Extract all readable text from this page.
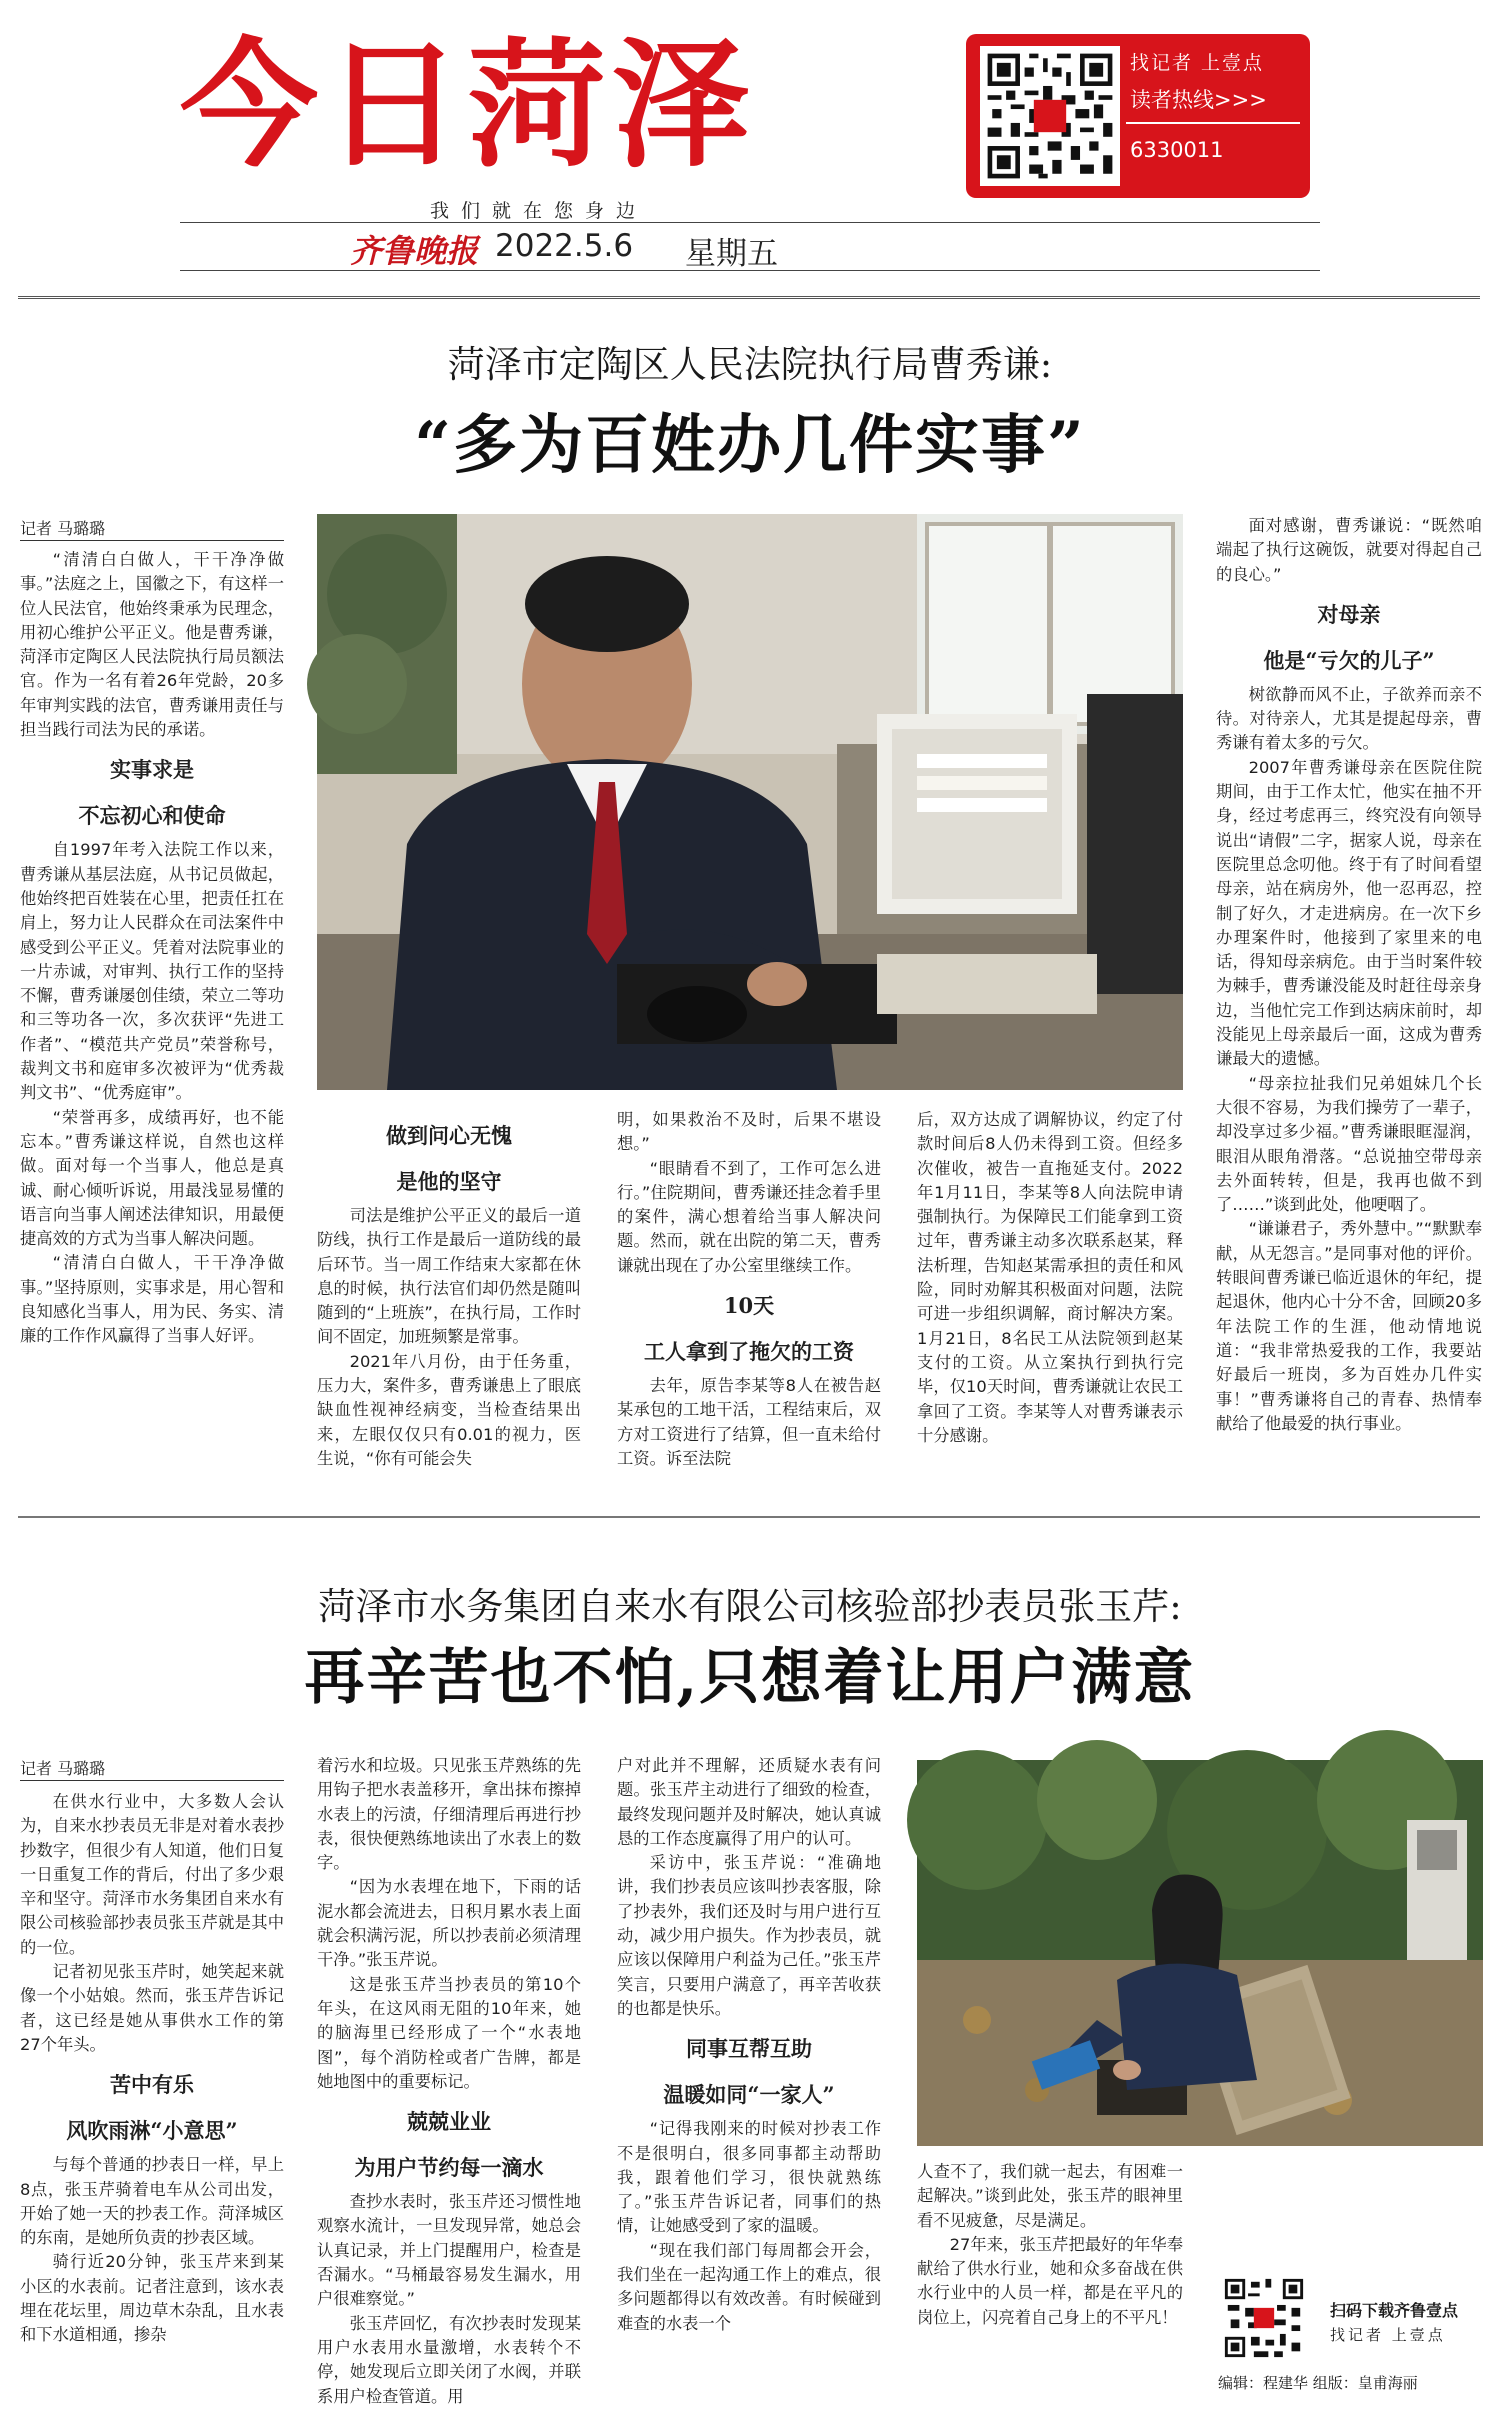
今日菏泽	找记者 上壹点
读者热线>>>
6330011
我们就在您身边
齐鲁晚报 2022.5.6 星期五
菏泽市定陶区人民法院执行局曹秀谦:
“多为百姓办几件实事”
记者 马璐璐

“清清白白做人，干干净净做事。”法庭之上，国徽之下，有这样一位人民法官，他始终秉承为民理念，用初心维护公平正义。他是曹秀谦，菏泽市定陶区人民法院执行局员额法官。作为一名有着26年党龄，20多年审判实践的法官，曹秀谦用责任与担当践行司法为民的承诺。

实事求是
不忘初心和使命

自1997年考入法院工作以来，曹秀谦从基层法庭，从书记员做起，他始终把百姓装在心里，把责任扛在肩上，努力让人民群众在司法案件中感受到公平正义。凭着对法院事业的一片赤诚，对审判、执行工作的坚持不懈，曹秀谦屡创佳绩，荣立二等功和三等功各一次，多次获评“先进工作者”、“模范共产党员”荣誉称号，裁判文书和庭审多次被评为“优秀裁判文书”、“优秀庭审”。

“荣誉再多，成绩再好，也不能忘本。”曹秀谦这样说，自然也这样做。面对每一个当事人，他总是真诚、耐心倾听诉说，用最浅显易懂的语言向当事人阐述法律知识，用最便捷高效的方式为当事人解决问题。

“清清白白做人，干干净净做事。”坚持原则，实事求是，用心智和良知感化当事人，用为民、务实、清廉的工作作风赢得了当事人好评。

做到问心无愧
是他的坚守

司法是维护公平正义的最后一道防线，执行工作是最后一道防线的最后环节。当一周工作结束大家都在休息的时候，执行法官们却仍然是随叫随到的“上班族”，在执行局，工作时间不固定，加班频繁是常事。

2021年八月份，由于任务重，压力大，案件多，曹秀谦患上了眼底缺血性视神经病变，当检查结果出来，左眼仅仅只有0.01的视力，医生说，“你有可能会失

明，如果救治不及时，后果不堪设想。”

“眼睛看不到了，工作可怎么进行。”住院期间，曹秀谦还挂念着手里的案件，满心想着给当事人解决问题。然而，就在出院的第二天，曹秀谦就出现在了办公室里继续工作。

10天
工人拿到了拖欠的工资

去年，原告李某等8人在被告赵某承包的工地干活，工程结束后，双方对工资进行了结算，但一直未给付工资。诉至法院

后，双方达成了调解协议，约定了付款时间后8人仍未得到工资。但经多次催收，被告一直拖延支付。2022年1月11日，李某等8人向法院申请强制执行。为保障民工们能拿到工资过年，曹秀谦主动多次联系赵某，释法析理，告知赵某需承担的责任和风险，同时劝解其积极面对问题，法院可进一步组织调解，商讨解决方案。1月21日，8名民工从法院领到赵某支付的工资。从立案执行到执行完毕，仅10天时间，曹秀谦就让农民工拿回了工资。李某等人对曹秀谦表示十分感谢。

面对感谢，曹秀谦说：“既然咱端起了执行这碗饭，就要对得起自己的良心。”

对母亲
他是“亏欠的儿子”

树欲静而风不止，子欲养而亲不待。对待亲人，尤其是提起母亲，曹秀谦有着太多的亏欠。

2007年曹秀谦母亲在医院住院期间，由于工作太忙，他实在抽不开身，经过考虑再三，终究没有向领导说出“请假”二字，据家人说，母亲在医院里总念叨他。终于有了时间看望母亲，站在病房外，他一忍再忍，控制了好久，才走进病房。在一次下乡办理案件时，他接到了家里来的电话，得知母亲病危。由于当时案件较为棘手，曹秀谦没能及时赶往母亲身边，当他忙完工作到达病床前时，却没能见上母亲最后一面，这成为曹秀谦最大的遗憾。

“母亲拉扯我们兄弟姐妹几个长大很不容易，为我们操劳了一辈子，却没享过多少福。”曹秀谦眼眶湿润，眼泪从眼角滑落。“总说抽空带母亲去外面转转，但是，我再也做不到了……”谈到此处，他哽咽了。

“谦谦君子，秀外慧中。”“默默奉献，从无怨言。”是同事对他的评价。转眼间曹秀谦已临近退休的年纪，提起退休，他内心十分不舍，回顾20多年法院工作的生涯，他动情地说道：“我非常热爱我的工作，我要站好最后一班岗，多为百姓办几件实事！”曹秀谦将自己的青春、热情奉献给了他最爱的执行事业。

菏泽市水务集团自来水有限公司核验部抄表员张玉芹:
再辛苦也不怕,只想着让用户满意
记者 马璐璐

在供水行业中，大多数人会认为，自来水抄表员无非是对着水表抄抄数字，但很少有人知道，他们日复一日重复工作的背后，付出了多少艰辛和坚守。菏泽市水务集团自来水有限公司核验部抄表员张玉芹就是其中的一位。

记者初见张玉芹时，她笑起来就像一个小姑娘。然而，张玉芹告诉记者，这已经是她从事供水工作的第27个年头。

苦中有乐
风吹雨淋“小意思”

与每个普通的抄表日一样，早上8点，张玉芹骑着电车从公司出发，开始了她一天的抄表工作。菏泽城区的东南，是她所负责的抄表区域。

骑行近20分钟，张玉芹来到某小区的水表前。记者注意到，该水表埋在花坛里，周边草木杂乱，且水表和下水道相通，掺杂

着污水和垃圾。只见张玉芹熟练的先用钩子把水表盖移开，拿出抹布擦掉水表上的污渍，仔细清理后再进行抄表，很快便熟练地读出了水表上的数字。

“因为水表埋在地下，下雨的话泥水都会流进去，日积月累水表上面就会积满污泥，所以抄表前必须清理干净。”张玉芹说。

这是张玉芹当抄表员的第10个年头，在这风雨无阻的10年来，她的脑海里已经形成了一个“水表地图”，每个消防栓或者广告牌，都是她地图中的重要标记。

兢兢业业
为用户节约每一滴水

查抄水表时，张玉芹还习惯性地观察水流计，一旦发现异常，她总会认真记录，并上门提醒用户，检查是否漏水。“马桶最容易发生漏水，用户很难察觉。”

张玉芹回忆，有次抄表时发现某用户水表用水量激增，水表转个不停，她发现后立即关闭了水阀，并联系用户检查管道。用

户对此并不理解，还质疑水表有问题。张玉芹主动进行了细致的检查，最终发现问题并及时解决，她认真诚恳的工作态度赢得了用户的认可。

采访中，张玉芹说：“准确地讲，我们抄表员应该叫抄表客服，除了抄表外，我们还及时与用户进行互动，减少用户损失。作为抄表员，就应该以保障用户利益为己任。”张玉芹笑言，只要用户满意了，再辛苦收获的也都是快乐。

同事互帮互助
温暖如同“一家人”

“记得我刚来的时候对抄表工作不是很明白，很多同事都主动帮助我，跟着他们学习，很快就熟练了。”张玉芹告诉记者，同事们的热情，让她感受到了家的温暖。

“现在我们部门每周都会开会，我们坐在一起沟通工作上的难点，很多问题都得以有效改善。有时候碰到难查的水表一个

人查不了，我们就一起去，有困难一起解决。”谈到此处，张玉芹的眼神里看不见疲惫，尽是满足。

27年来，张玉芹把最好的年华奉献给了供水行业，她和众多奋战在供水行业中的人员一样，都是在平凡的岗位上，闪亮着自己身上的不平凡！	扫码下载齐鲁壹点
找记者 上壹点
编辑：程建华 组版：皇甫海丽
